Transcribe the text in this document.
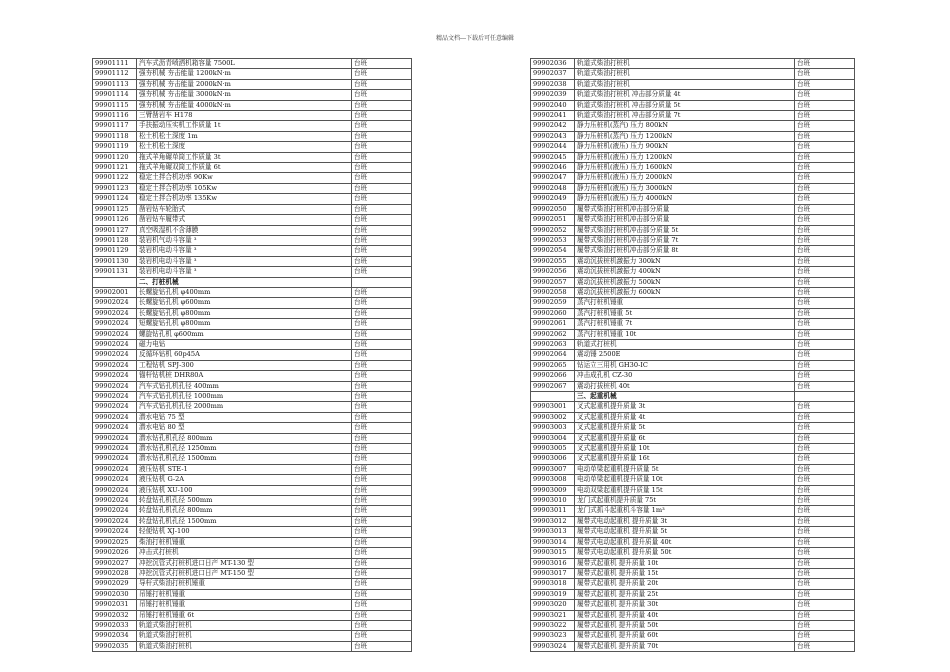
精品文档---下载后可任意编辑
99901111	汽车式沥青喷洒机箱容量 7500L	台班
99901112	强夯机械 夯击能量 1200kN·m	台班
99901113	强夯机械 夯击能量 2000kN·m	台班
99901114	强夯机械 夯击能量 3000kN·m	台班
99901115	强夯机械 夯击能量 4000kN·m	台班
99901116	三臂凿岩车 H178	台班
99901117	手扶振动压实机工作质量 1t	台班
99901118	松土机松土深度 1m	台班
99901119	松土机松土深度	台班
99901120	拖式羊角碾单筒工作质量 3t	台班
99901121	拖式羊角碾双筒工作质量 6t	台班
99901122	稳定土拌合机功率 90Kw	台班
99901123	稳定土拌合机功率 105Kw	台班
99901124	稳定土拌合机功率 135Kw	台班
99901125	凿岩钻车轮胎式	台班
99901126	凿岩钻车履带式	台班
99901127	真空吸湿机不含薄膜	台班
99901128	装岩机气动斗容量 ³	台班
99901129	装岩机电动斗容量 ³	台班
99901130	装岩机电动斗容量 ³	台班
99901131	装岩机电动斗容量 ³	台班
	二、打桩机械	
99902001	长螺旋钻孔机 φ400mm	台班
99902024	长螺旋钻孔机 φ600mm	台班
99902024	长螺旋钻孔机 φ800mm	台班
99902024	短螺旋钻孔机 φ800mm	台班
99902024	螺旋钻孔机 φ600mm	台班
99902024	磁力电钻	台班
99902024	反循环钻机 60p45A	台班
99902024	工程钻机 SPJ-300	台班
99902024	锚杆钻机桩 DHR80A	台班
99902024	汽车式钻孔机孔径 400mm	台班
99902024	汽车式钻孔机孔径 1000mm	台班
99902024	汽车式钻孔机孔径 2000mm	台班
99902024	潜水电钻 75 型	台班
99902024	潜水电钻 80 型	台班
99902024	潜水钻孔机孔径 800mm	台班
99902024	潜水钻孔机孔径 1250mm	台班
99902024	潜水钻孔机孔径 1500mm	台班
99902024	液压钻机 STE-1	台班
99902024	液压钻机 G-2A	台班
99902024	液压钻机 XU-100	台班
99902024	转盘钻孔机孔径 500mm	台班
99902024	转盘钻孔机孔径 800mm	台班
99902024	转盘钻孔机孔径 1500mm	台班
99902024	轻便钻机 XJ-100	台班
99902025	柴油打桩机锤重	台班
99902026	冲击式打桩机	台班
99902027	冲挖沉管式打桩机进口日产 MT-130 型	台班
99902028	冲挖沉管式打桩机进口日产 MT-150 型	台班
99902029	导杆式柴油打桩机锤重	台班
99902030	吊锤打桩机锤重	台班
99902031	吊锤打桩机锤重	台班
99902032	吊锤打桩机锤重 6t	台班
99902033	轨道式柴油打桩机	台班
99902034	轨道式柴油打桩机	台班
99902035	轨道式柴油打桩机	台班
99902036	轨道式柴油打桩机	台班
99902037	轨道式柴油打桩机	台班
99902038	轨道式柴油打桩机	台班
99902039	轨道式柴油打桩机 冲击部分质量 4t	台班
99902040	轨道式柴油打桩机 冲击部分质量 5t	台班
99902041	轨道式柴油打桩机 冲击部分质量 7t	台班
99902042	静力压桩机(蒸汽) 压力 800kN	台班
99902043	静力压桩机(蒸汽) 压力 1200kN	台班
99902044	静力压桩机(液压) 压力 900kN	台班
99902045	静力压桩机(液压) 压力 1200kN	台班
99902046	静力压桩机(液压) 压力 1600kN	台班
99902047	静力压桩机(液压) 压力 2000kN	台班
99902048	静力压桩机(液压) 压力 3000kN	台班
99902049	静力压桩机(液压) 压力 4000kN	台班
99902050	履带式柴油打桩机冲击部分质量	台班
99902051	履带式柴油打桩机冲击部分质量	台班
99902052	履带式柴油打桩机冲击部分质量 5t	台班
99902053	履带式柴油打桩机冲击部分质量 7t	台班
99902054	履带式柴油打桩机冲击部分质量 8t	台班
99902055	震动沉拔桩机激振力 300kN	台班
99902056	震动沉拔桩机激振力 400kN	台班
99902057	震动沉拔桩机激振力 500kN	台班
99902058	震动沉拔桩机激振力 600kN	台班
99902059	蒸汽打桩机锤重	台班
99902060	蒸汽打桩机锤重 5t	台班
99902061	蒸汽打桩机锤重 7t	台班
99902062	蒸汽打桩机锤重 10t	台班
99902063	轨道式打桩机	台班
99902064	震动锤 2500E	台班
99902065	钻运立三用机 GH30-IC	台班
99902066	冲击成孔机 CZ-30	台班
99902067	震动打拔桩机 40t	台班
	三、起重机械	
99903001	叉式起重机提升质量 3t	台班
99903002	叉式起重机提升质量 4t	台班
99903003	叉式起重机提升质量 5t	台班
99903004	叉式起重机提升质量 6t	台班
99903005	叉式起重机提升质量 10t	台班
99903006	叉式起重机提升质量 16t	台班
99903007	电动单梁起重机提升质量 5t	台班
99903008	电动单梁起重机提升质量 10t	台班
99903009	电动双梁起重机提升质量 15t	台班
99903010	龙门式起重机提升质量 75t	台班
99903011	龙门式抓斗起重机斗容量 1m³	台班
99903012	履带式电动起重机 提升质量 3t	台班
99903013	履带式电动起重机 提升质量 5t	台班
99903014	履带式电动起重机 提升质量 40t	台班
99903015	履带式电动起重机 提升质量 50t	台班
99903016	履带式起重机 提升质量 10t	台班
99903017	履带式起重机 提升质量 15t	台班
99903018	履带式起重机 提升质量 20t	台班
99903019	履带式起重机 提升质量 25t	台班
99903020	履带式起重机 提升质量 30t	台班
99903021	履带式起重机 提升质量 40t	台班
99903022	履带式起重机 提升质量 50t	台班
99903023	履带式起重机 提升质量 60t	台班
99903024	履带式起重机 提升质量 70t	台班
